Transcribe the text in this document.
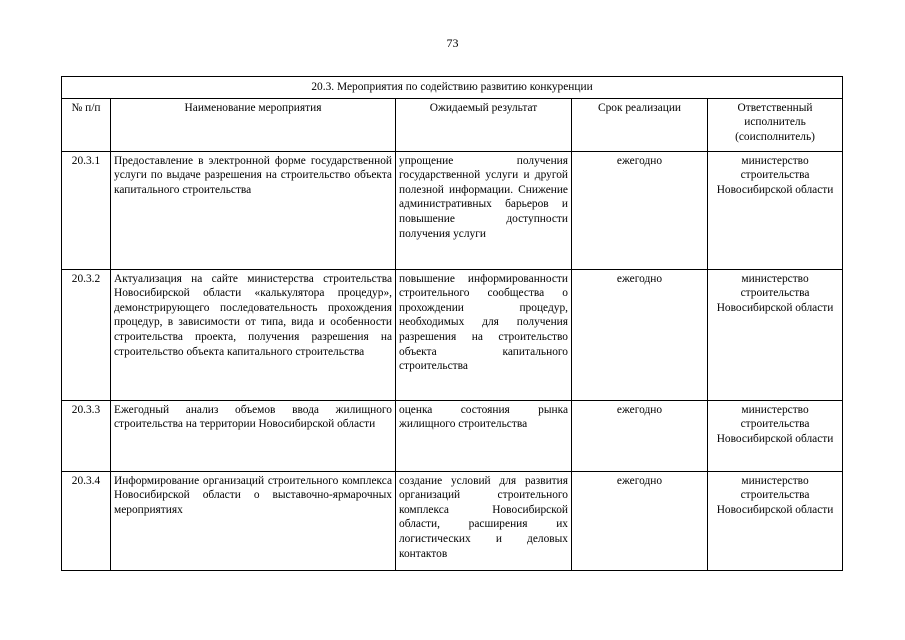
73
20.3. Мероприятия по содействию развитию конкуренции				
№ п/п	Наименование мероприятия	Ожидаемый результат	Срок реализации	Ответственный исполнитель (соисполнитель)
20.3.1	Предоставление в электронной форме государственной услуги по выдаче разрешения на строительство объекта капитального строительства	упрощение получения государственной услуги и другой полезной информации. Снижение административных барьеров и повышение доступности получения услуги	ежегодно	министерство строительства Новосибирской области
20.3.2	Актуализация на сайте министерства строительства Новосибирской области «калькулятора процедур», демонстрирующего последовательность прохождения процедур, в зависимости от типа, вида и особенности строительства проекта, получения разрешения на строительство объекта капитального строительства	повышение информированности строительного сообщества о прохождении процедур, необходимых для получения разрешения на строительство объекта капитального строительства	ежегодно	министерство строительства Новосибирской области
20.3.3	Ежегодный анализ объемов ввода жилищного строительства на территории Новосибирской области	оценка состояния рынка жилищного строительства	ежегодно	министерство строительства Новосибирской области
20.3.4	Информирование организаций строительного комплекса Новосибирской области о выставочно-ярмарочных мероприятиях	создание условий для развития организаций строительного комплекса Новосибирской области, расширения их логистических и деловых контактов	ежегодно	министерство строительства Новосибирской области
